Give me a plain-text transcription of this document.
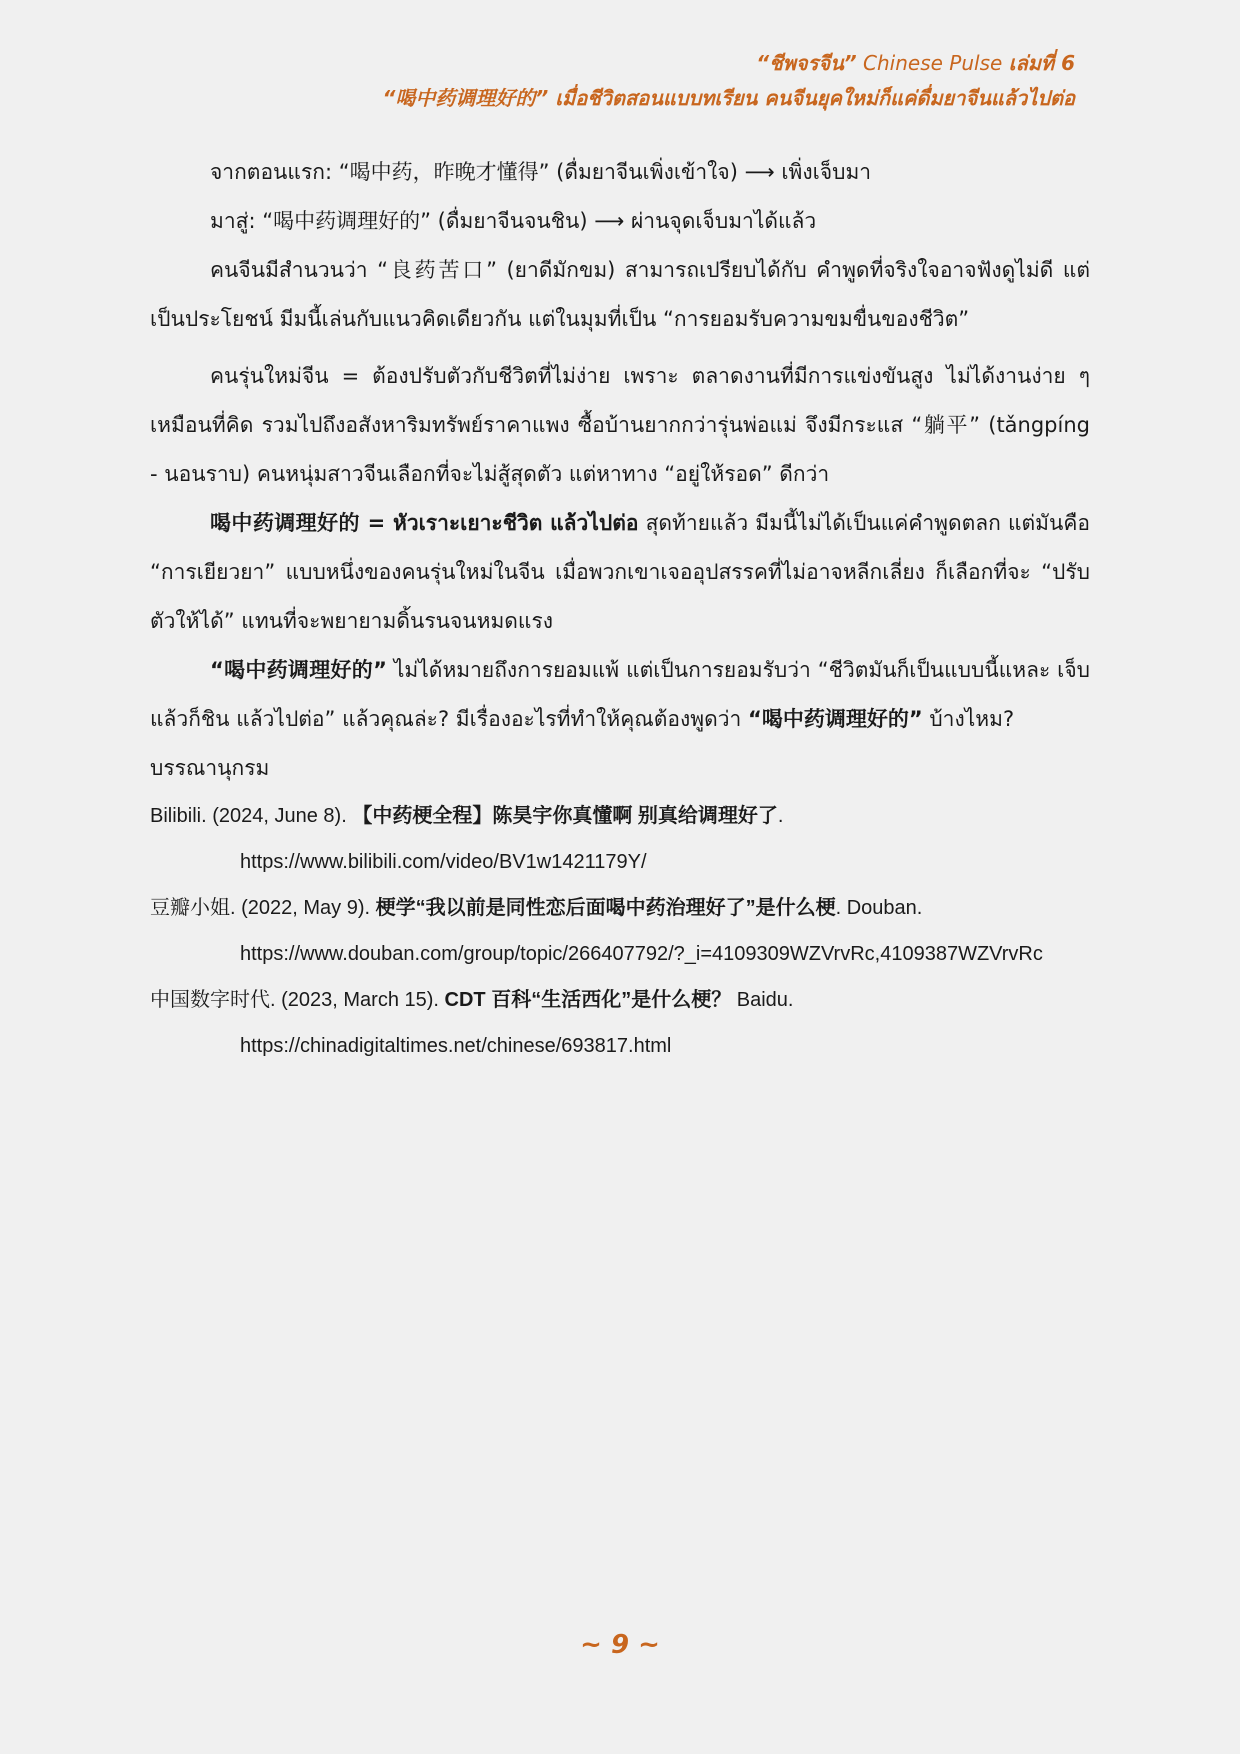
“ชีพจรจีน” Chinese Pulse เล่มที่ 6
“喝中药调理好的” เมื่อชีวิตสอนแบบทเรียน คนจีนยุคใหม่ก็แค่ดื่มยาจีนแล้วไปต่อ

จากตอนแรก: “喝中药，昨晚才懂得” (ดื่มยาจีนเพิ่งเข้าใจ) ⟶ เพิ่งเจ็บมา

มาสู่: “喝中药调理好的” (ดื่มยาจีนจนชิน) ⟶ ผ่านจุดเจ็บมาได้แล้ว

คนจีนมีสำนวนว่า “良药苦口” (ยาดีมักขม) สามารถเปรียบได้กับ คำพูดที่จริงใจอาจฟังดูไม่ดี แต่เป็นประโยชน์ มีมนี้เล่นกับแนวคิดเดียวกัน แต่ในมุมที่เป็น “การยอมรับความขมขื่นของชีวิต”

คนรุ่นใหม่จีน = ต้องปรับตัวกับชีวิตที่ไม่ง่าย เพราะ ตลาดงานที่มีการแข่งขันสูง ไม่ได้งานง่าย ๆ เหมือนที่คิด รวมไปถึงอสังหาริมทรัพย์ราคาแพง ซื้อบ้านยากกว่ารุ่นพ่อแม่ จึงมีกระแส “躺平” (tǎngpíng - นอนราบ) คนหนุ่มสาวจีนเลือกที่จะไม่สู้สุดตัว แต่หาทาง “อยู่ให้รอด” ดีกว่า

喝中药调理好的 = หัวเราะเยาะชีวิต แล้วไปต่อ สุดท้ายแล้ว มีมนี้ไม่ได้เป็นแค่คำพูดตลก แต่มันคือ “การเยียวยา” แบบหนึ่งของคนรุ่นใหม่ในจีน เมื่อพวกเขาเจออุปสรรคที่ไม่อาจหลีกเลี่ยง ก็เลือกที่จะ “ปรับตัวให้ได้” แทนที่จะพยายามดิ้นรนจนหมดแรง

“喝中药调理好的” ไม่ได้หมายถึงการยอมแพ้ แต่เป็นการยอมรับว่า “ชีวิตมันก็เป็นแบบนี้แหละ เจ็บแล้วก็ชิน แล้วไปต่อ” แล้วคุณล่ะ? มีเรื่องอะไรที่ทำให้คุณต้องพูดว่า “喝中药调理好的” บ้างไหม?

บรรณานุกรม

Bilibili. (2024, June 8). 【中药梗全程】陈昊宇你真懂啊 别真给调理好了.

https://www.bilibili.com/video/BV1w1421179Y/

豆瓣小姐. (2022, May 9). 梗学“我以前是同性恋后面喝中药治理好了”是什么梗. Douban.

https://www.douban.com/group/topic/266407792/?_i=4109309WZVrvRc,4109387WZVrvRc

中国数字时代. (2023, March 15). CDT 百科“生活西化”是什么梗？ Baidu.

https://chinadigitaltimes.net/chinese/693817.html

~ 9 ~
